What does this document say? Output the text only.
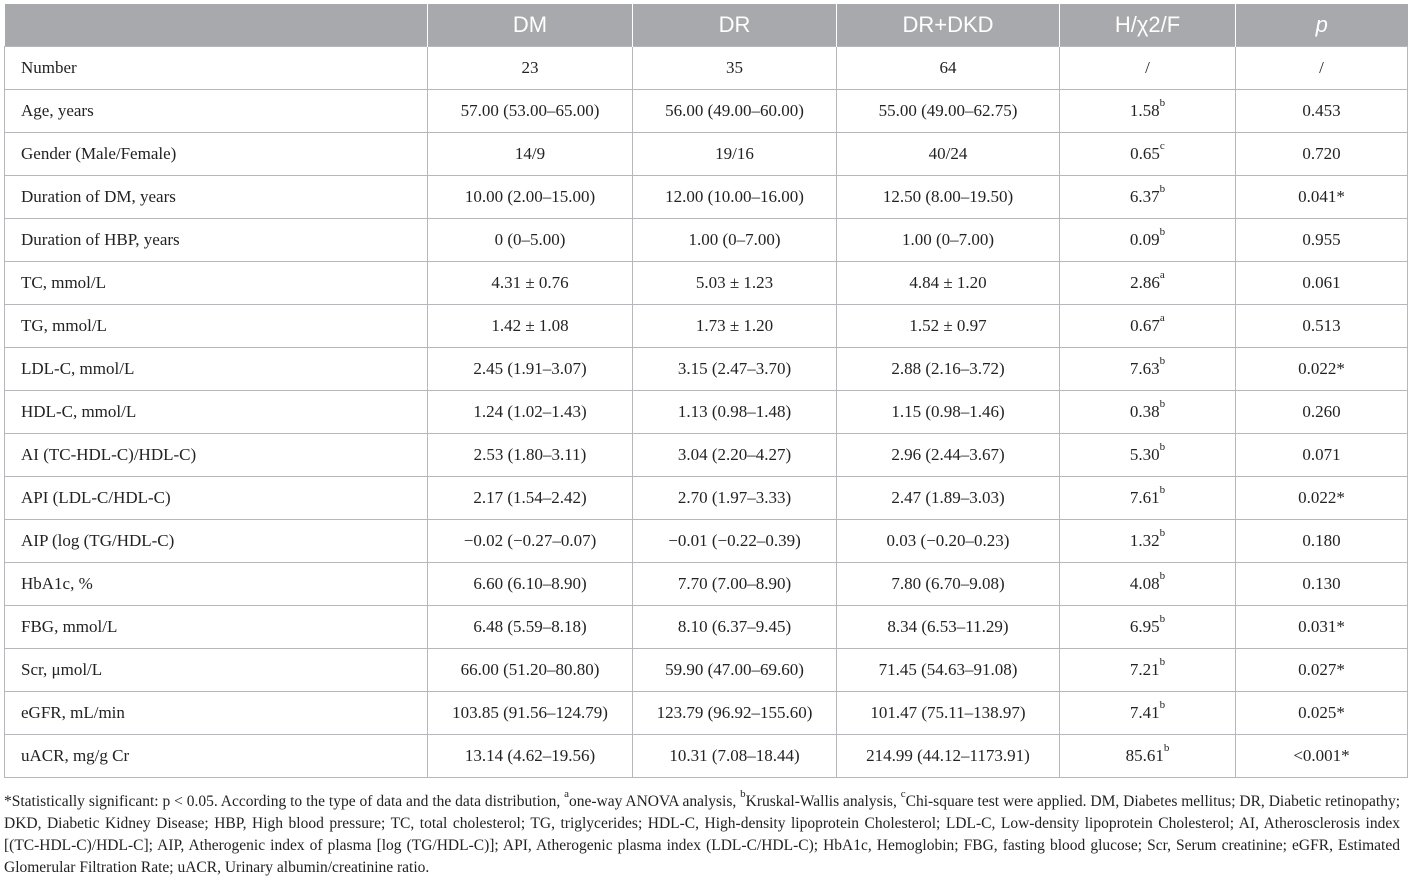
	DM	DR	DR+DKD	H/χ2/F	p
Number	23	35	64	/	/
Age, years	57.00 (53.00–65.00)	56.00 (49.00–60.00)	55.00 (49.00–62.75)	1.58$^b$	0.453
Gender (Male/Female)	14/9	19/16	40/24	0.65$^c$	0.720
Duration of DM, years	10.00 (2.00–15.00)	12.00 (10.00–16.00)	12.50 (8.00–19.50)	6.37$^b$	0.041*
Duration of HBP, years	0 (0–5.00)	1.00 (0–7.00)	1.00 (0–7.00)	0.09$^b$	0.955
TC, mmol/L	4.31 ± 0.76	5.03 ± 1.23	4.84 ± 1.20	2.86$^a$	0.061
TG, mmol/L	1.42 ± 1.08	1.73 ± 1.20	1.52 ± 0.97	0.67$^a$	0.513
LDL-C, mmol/L	2.45 (1.91–3.07)	3.15 (2.47–3.70)	2.88 (2.16–3.72)	7.63$^b$	0.022*
HDL-C, mmol/L	1.24 (1.02–1.43)	1.13 (0.98–1.48)	1.15 (0.98–1.46)	0.38$^b$	0.260
AI (TC-HDL-C)/HDL-C)	2.53 (1.80–3.11)	3.04 (2.20–4.27)	2.96 (2.44–3.67)	5.30$^b$	0.071
API (LDL-C/HDL-C)	2.17 (1.54–2.42)	2.70 (1.97–3.33)	2.47 (1.89–3.03)	7.61$^b$	0.022*
AIP (log (TG/HDL-C)	−0.02 (−0.27–0.07)	−0.01 (−0.22–0.39)	0.03 (−0.20–0.23)	1.32$^b$	0.180
HbA1c, %	6.60 (6.10–8.90)	7.70 (7.00–8.90)	7.80 (6.70–9.08)	4.08$^b$	0.130
FBG, mmol/L	6.48 (5.59–8.18)	8.10 (6.37–9.45)	8.34 (6.53–11.29)	6.95$^b$	0.031*
Scr, μmol/L	66.00 (51.20–80.80)	59.90 (47.00–69.60)	71.45 (54.63–91.08)	7.21$^b$	0.027*
eGFR, mL/min	103.85 (91.56–124.79)	123.79 (96.92–155.60)	101.47 (75.11–138.97)	7.41$^b$	0.025*
uACR, mg/g Cr	13.14 (4.62–19.56)	10.31 (7.08–18.44)	214.99 (44.12–1173.91)	85.61$^b$	<0.001*
*Statistically significant: p < 0.05. According to the type of data and the data distribution, $^a$one-way ANOVA analysis, $^b$Kruskal-Wallis analysis, $^c$Chi-square test were applied. DM, Diabetes mellitus; DR, Diabetic retinopathy; DKD, Diabetic Kidney Disease; HBP, High blood pressure; TC, total cholesterol; TG, triglycerides; HDL-C, High-density lipoprotein Cholesterol; LDL-C, Low-density lipoprotein Cholesterol; AI, Atherosclerosis index [(TC-HDL-C)/HDL-C]; AIP, Atherogenic index of plasma [log (TG/HDL-C)]; API, Atherogenic plasma index (LDL-C/HDL-C); HbA1c, Hemoglobin; FBG, fasting blood glucose; Scr, Serum creatinine; eGFR, Estimated Glomerular Filtration Rate; uACR, Urinary albumin/creatinine ratio.
